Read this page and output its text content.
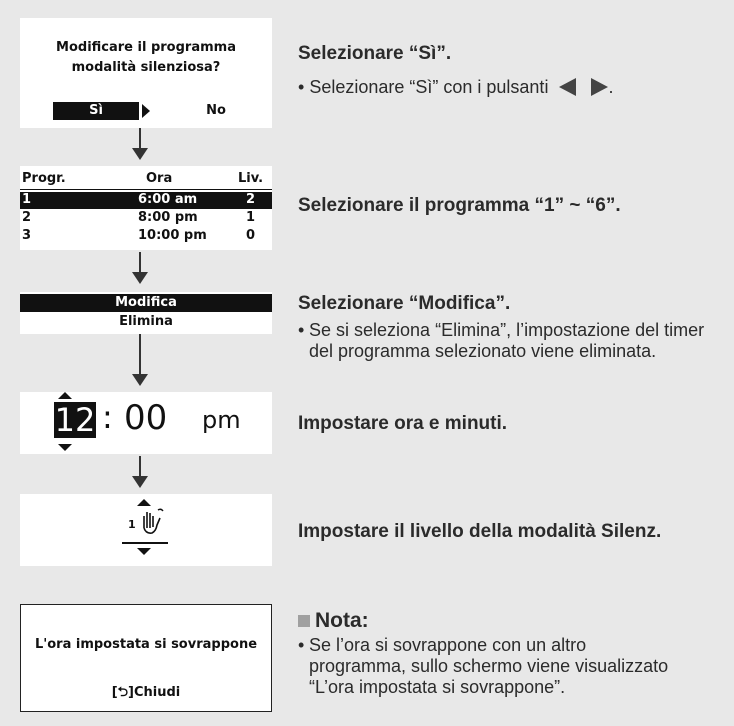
Modificare il programma modalità silenziosa?
Sì	No
Selezionare “Sì”.
• Selezionare “Sì” con i pulsanti	.
Progr.	Ora	Liv.
1	6:00 am	2
2	8:00 pm	1
3	10:00 pm	0
Selezionare il programma “1” ~ “6”.
Modifica
Elimina
Selezionare “Modifica”.
• Se si seleziona “Elimina”, l’impostazione del timer del programma selezionato viene eliminata.
12 : 00 pm	Impostare ora e minuti.
1	Impostare il livello della modalità Silenz.
L'ora impostata si sovrappone
[⮌]Chiudi
Nota:
• Se l’ora si sovrappone con un altro programma, sullo schermo viene visualizzato “L’ora impostata si sovrappone”.
